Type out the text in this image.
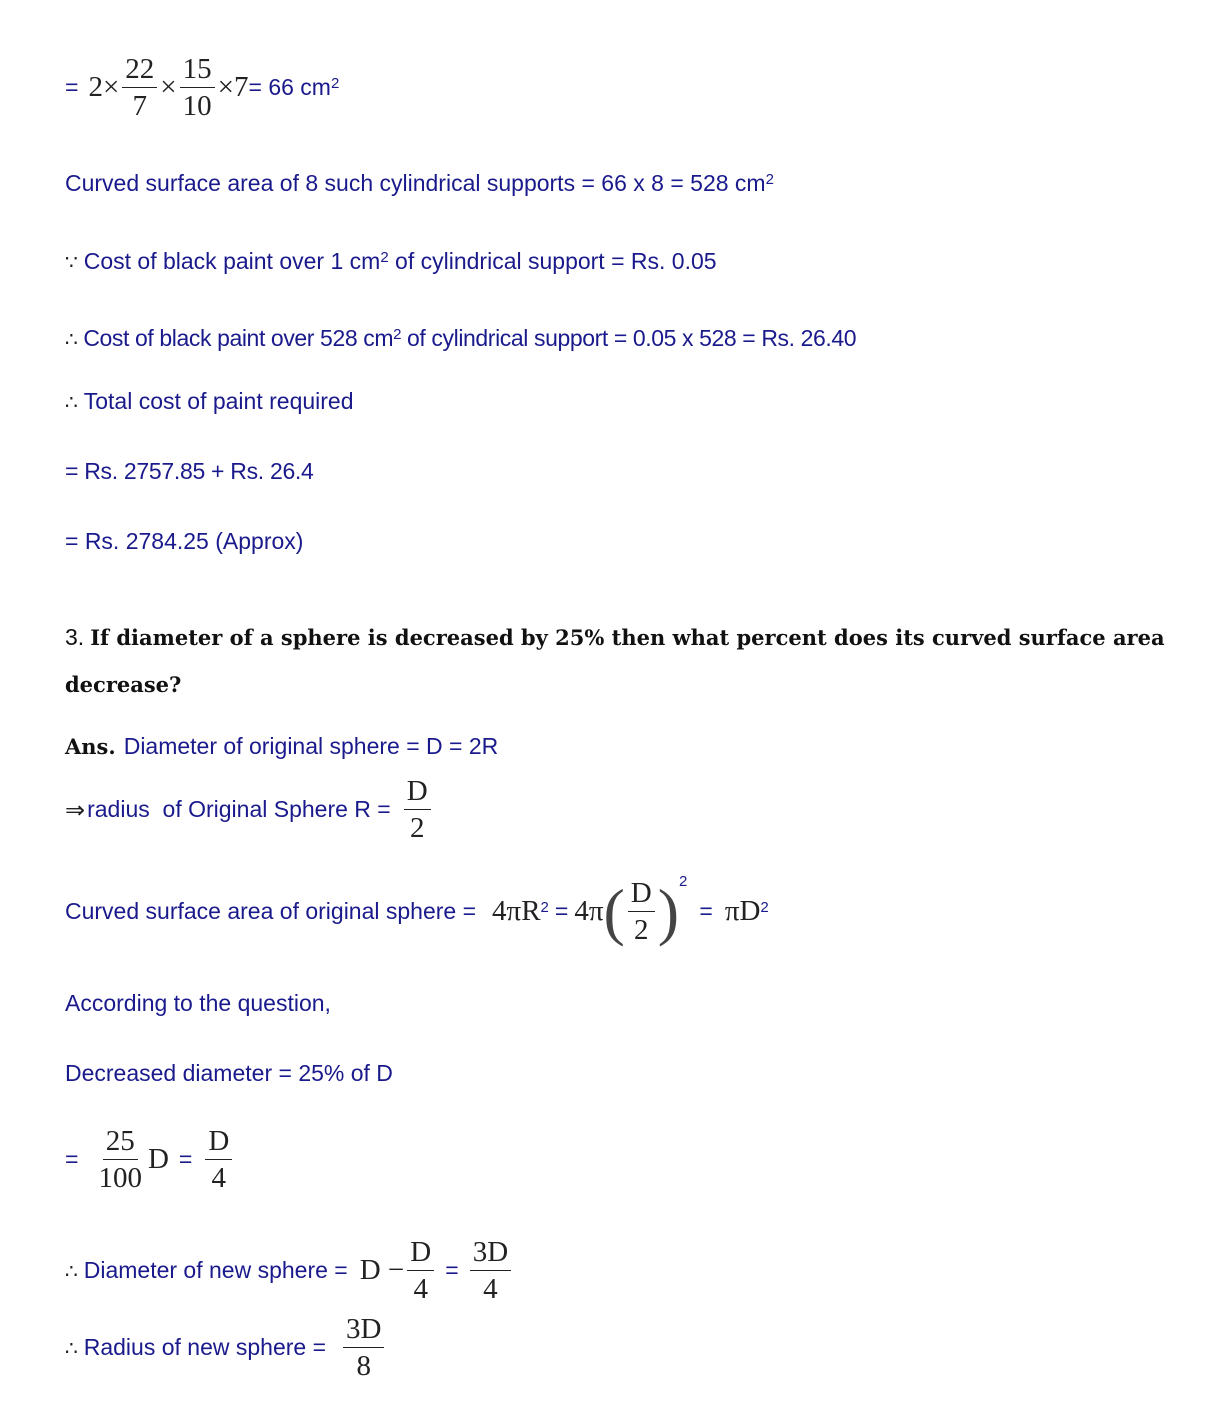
= $2 \times \frac{22}{7} \times \frac{15}{10} \times 7 = 66$ $cm^2$
Curved surface area of 8 such cylindrical supports = 66 x 8 = 528 $cm^2$
∵ Cost of black paint over 1 $cm^2$ of cylindrical support = Rs. 0.05
∴ Cost of black paint over 528 $cm^2$ of cylindrical support = 0.05 x 528 = Rs. 26.40
∴ Total cost of paint required
= Rs. 2757.85 + Rs. 26.4
= Rs. 2784.25 (Approx)
3. If diameter of a sphere is decreased by 25% then what percent does its curved surface area decrease?
Ans. Diameter of original sphere = D = 2R
⇒ radius  of Original Sphere $R = \frac{D}{2}$
Curved surface area of original sphere = $4\pi R^2 = 4\pi$ ( $\frac{D}{2} )^2$
= $\pi D^2$
According to the question,
Decreased diameter = 25% of D
= $\frac{25}{100}$ $D = \frac{D}{4}$
∴ Diameter of new sphere = $D - \frac{D}{4} = \frac{3D}{4}$
∴ Radius of new sphere = $\frac{3D}{8}$
